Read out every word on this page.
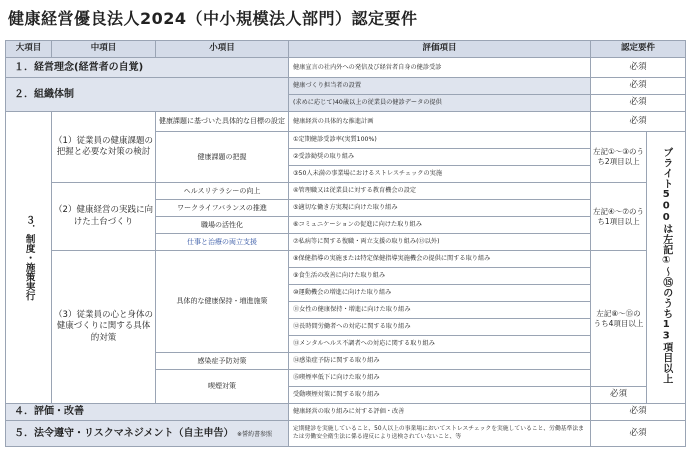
健康経営優良法人2024（中小規模法人部門）認定要件
大項目	中項目	小項目	評価項目	認定要件	
１．経営理念(経営者の自覚)			健康宣言の社内外への発信及び経営者自身の健診受診	必須	
２．組織体制			健康づくり担当者の設置	必須	
			(求めに応じて)40歳以上の従業員の健診データの提供	必須	

３．制度・施策実行	（1）従業員の健康課題の把握と必要な対策の検討	健康課題に基づいた具体的な目標の設定	健康経営の具体的な推進計画	必須	
		健康課題の把握	①定期健診受診率(実質100%)	左記①〜③のうち2項目以上	ブライト500は左記①〜⑮のうち13項目以上
			②受診勧奨の取り組み		
			③50人未満の事業場におけるストレスチェックの実施		
	（2）健康経営の実践に向けた土台づくり	ヘルスリテラシーの向上	④管理職又は従業員に対する教育機会の設定	左記④〜⑦のうち1項目以上	
		ワークライフバランスの推進	⑤適切な働き方実現に向けた取り組み		
		職場の活性化	⑥コミュニケーションの促進に向けた取り組み		
		仕事と治療の両立支援	⑦私病等に関する復職・両立支援の取り組み(⑬以外)		
	（3）従業員の心と身体の健康づくりに関する具体的対策	具体的な健康保持・増進施策	⑧保健指導の実施または特定保健指導実施機会の提供に関する取り組み	左記⑧〜⑮のうち4項目以上	
			⑨食生活の改善に向けた取り組み		
			⑩運動機会の増進に向けた取り組み		
			⑪女性の健康保持・増進に向けた取り組み		
			⑫長時間労働者への対応に関する取り組み		
			⑬メンタルヘルス不調者への対応に関する取り組み		
		感染症予防対策	⑭感染症予防に関する取り組み		
		喫煙対策	⑮喫煙率低下に向けた取り組み		
			受動喫煙対策に関する取り組み	必須	
４．評価・改善			健康経営の取り組みに対する評価・改善	必須	
５．法令遵守・リスクマネジメント（自主申告） ※誓約書参照			定期健診を実施していること、50人以上の事業場においてストレスチェックを実施していること、労働基準法または労働安全衛生法に係る違反により送検されていないこと、等	必須	
